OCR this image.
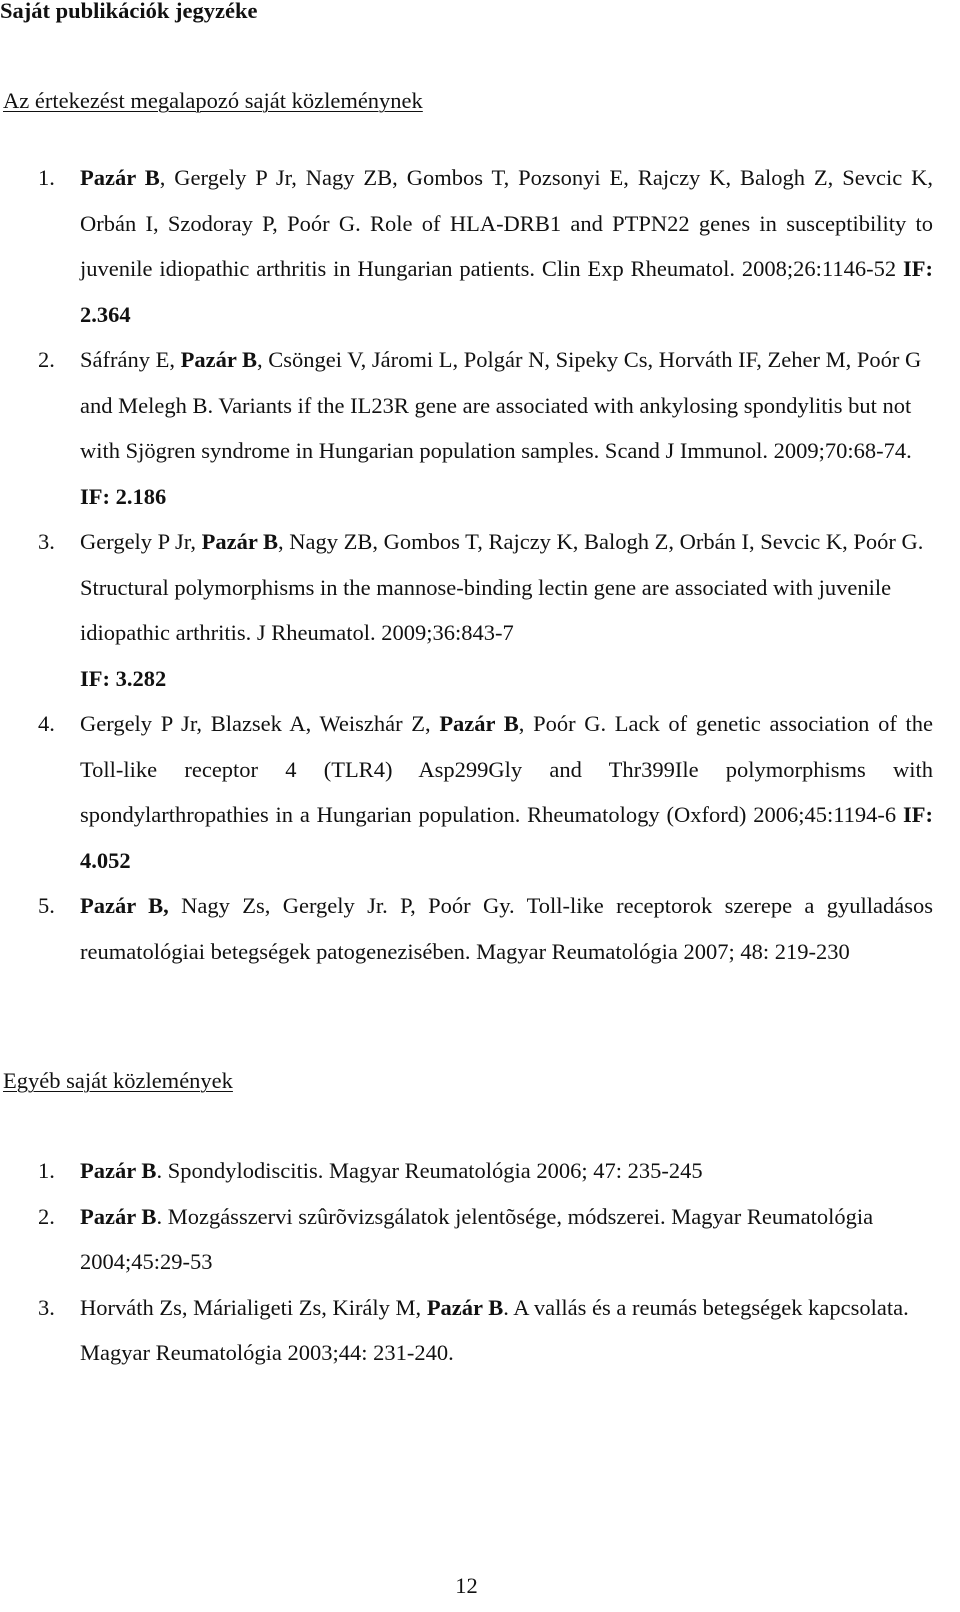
Saját publikációk jegyzéke
Az értekezést megalapozó saját közleménynek
1. Pazár B, Gergely P Jr, Nagy ZB, Gombos T, Pozsonyi E, Rajczy K, Balogh Z, Sevcic K, Orbán I, Szodoray P, Poór G. Role of HLA-DRB1 and PTPN22 genes in susceptibility to juvenile idiopathic arthritis in Hungarian patients. Clin Exp Rheumatol. 2008;26:1146-52 IF: 2.364
2. Sáfrány E, Pazár B, Csöngei V, Járomi L, Polgár N, Sipeky Cs, Horváth IF, Zeher M, Poór G and Melegh B. Variants if the IL23R gene are associated with ankylosing spondylitis but not with Sjögren syndrome in Hungarian population samples. Scand J Immunol. 2009;70:68-74. IF: 2.186
3. Gergely P Jr, Pazár B, Nagy ZB, Gombos T, Rajczy K, Balogh Z, Orbán I, Sevcic K, Poór G. Structural polymorphisms in the mannose-binding lectin gene are associated with juvenile idiopathic arthritis. J Rheumatol. 2009;36:843-7
IF: 3.282
4. Gergely P Jr, Blazsek A, Weiszhár Z, Pazár B, Poór G. Lack of genetic association of the Toll-like receptor 4 (TLR4) Asp299Gly and Thr399Ile polymorphisms with spondylarthropathies in a Hungarian population. Rheumatology (Oxford) 2006;45:1194-6 IF: 4.052
5. Pazár B, Nagy Zs, Gergely Jr. P, Poór Gy. Toll-like receptorok szerepe a gyulladásos reumatológiai betegségek patogenezisében. Magyar Reumatológia 2007; 48: 219-230
Egyéb saját közlemények
1. Pazár B. Spondylodiscitis. Magyar Reumatológia 2006; 47: 235-245
2. Pazár B. Mozgásszervi szûrõvizsgálatok jelentõsége, módszerei. Magyar Reumatológia 2004;45:29-53
3. Horváth Zs, Márialigeti Zs, Király M, Pazár B. A vallás és a reumás betegségek kapcsolata. Magyar Reumatológia 2003;44: 231-240.
12
